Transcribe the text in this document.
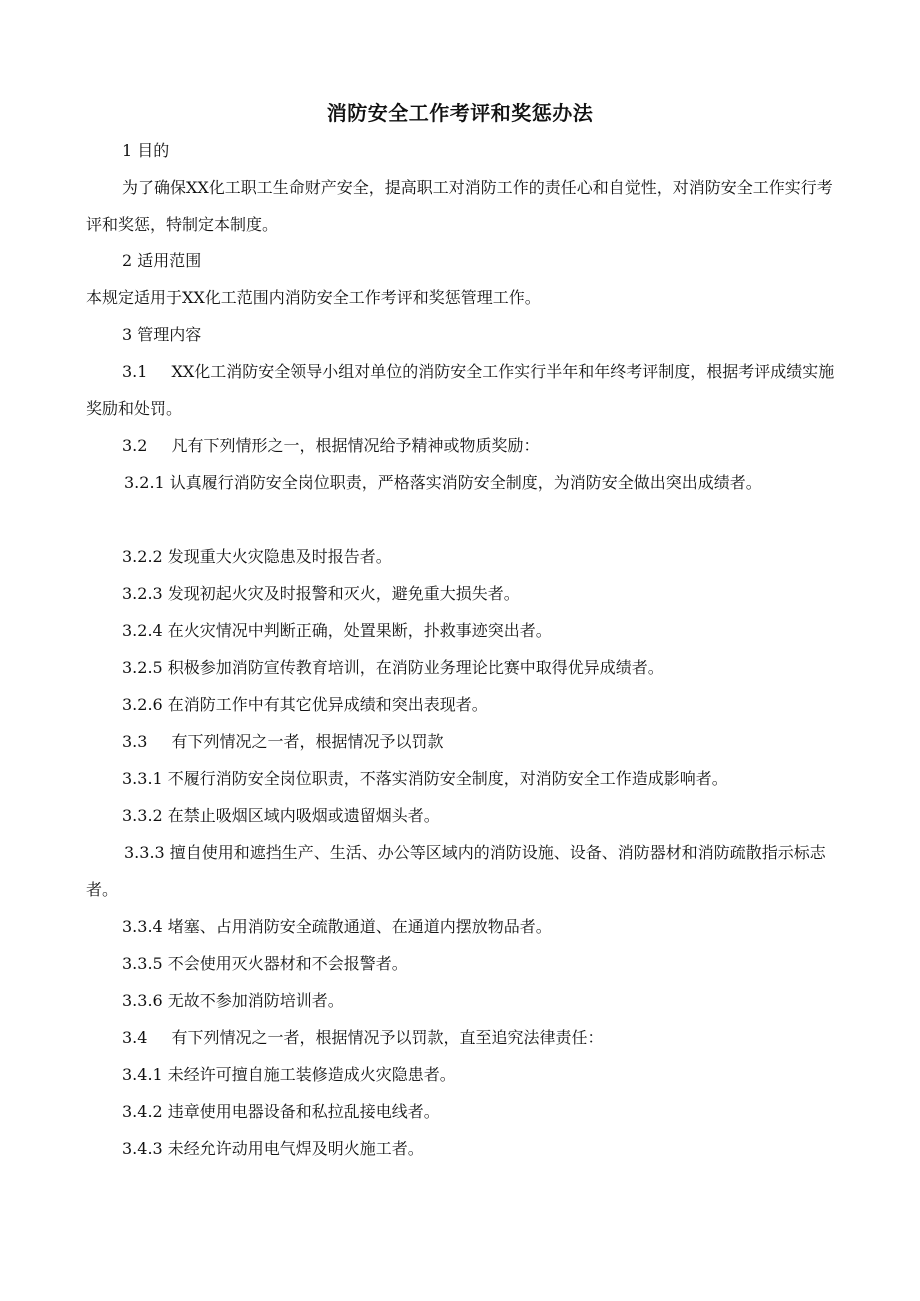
消防安全工作考评和奖惩办法
1 目的
为了确保XX化工职工生命财产安全，提高职工对消防工作的责任心和自觉性，对消防安全工作实行考评和奖惩，特制定本制度。
2 适用范围
本规定适用于XX化工范围内消防安全工作考评和奖惩管理工作。
3 管理内容
3.1 XX化工消防安全领导小组对单位的消防安全工作实行半年和年终考评制度，根据考评成绩实施奖励和处罚。
3.2 凡有下列情形之一，根据情况给予精神或物质奖励：
3.2.1 认真履行消防安全岗位职责，严格落实消防安全制度，为消防安全做出突出成绩者。
3.2.2 发现重大火灾隐患及时报告者。
3.2.3 发现初起火灾及时报警和灭火，避免重大损失者。
3.2.4 在火灾情况中判断正确，处置果断，扑救事迹突出者。
3.2.5 积极参加消防宣传教育培训，在消防业务理论比赛中取得优异成绩者。
3.2.6 在消防工作中有其它优异成绩和突出表现者。
3.3 有下列情况之一者，根据情况予以罚款
3.3.1 不履行消防安全岗位职责，不落实消防安全制度，对消防安全工作造成影响者。
3.3.2 在禁止吸烟区域内吸烟或遗留烟头者。
3.3.3 擅自使用和遮挡生产、生活、办公等区域内的消防设施、设备、消防器材和消防疏散指示标志者。
3.3.4 堵塞、占用消防安全疏散通道、在通道内摆放物品者。
3.3.5 不会使用灭火器材和不会报警者。
3.3.6 无故不参加消防培训者。
3.4 有下列情况之一者，根据情况予以罚款，直至追究法律责任：
3.4.1 未经许可擅自施工装修造成火灾隐患者。
3.4.2 违章使用电器设备和私拉乱接电线者。
3.4.3 未经允许动用电气焊及明火施工者。
